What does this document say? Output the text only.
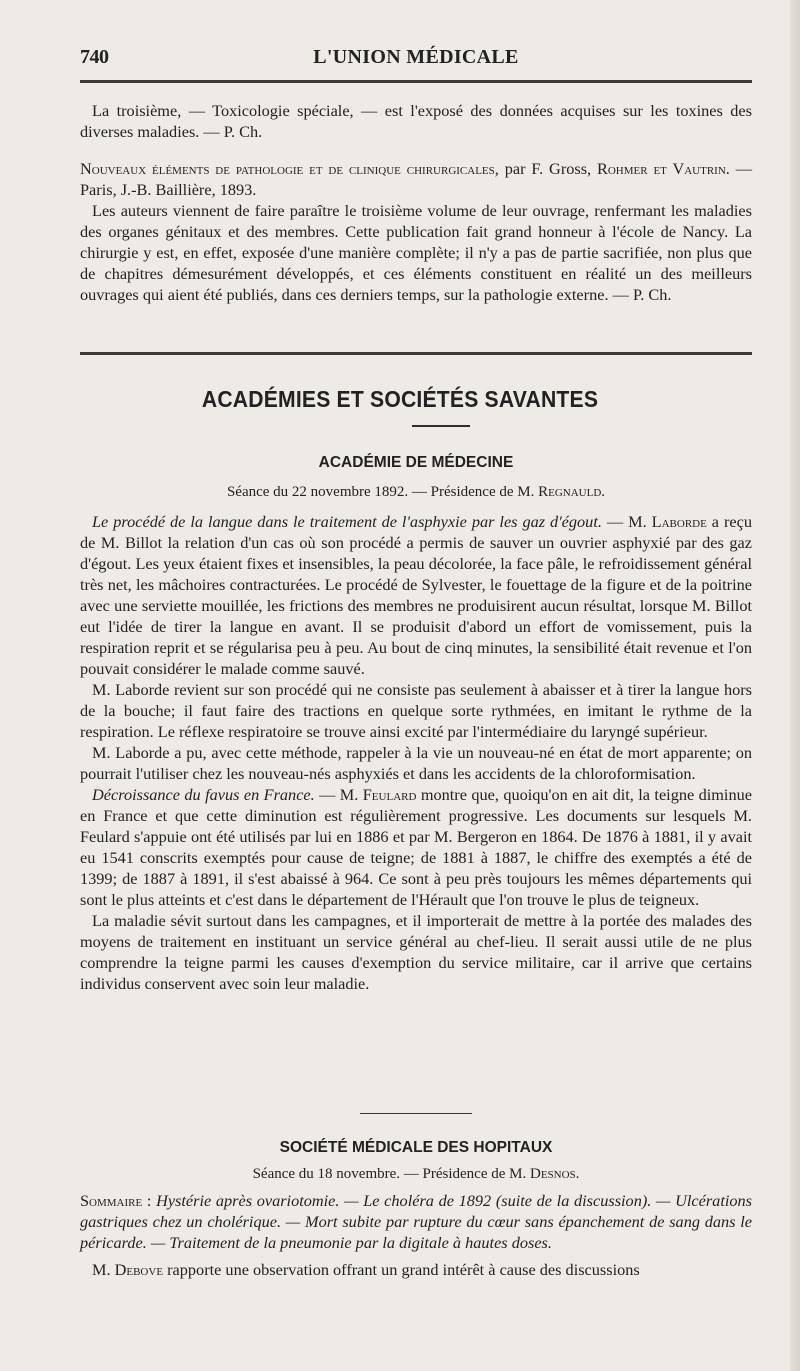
740	L'UNION MÉDICALE

La troisième, — Toxicologie spéciale, — est l'exposé des données acquises sur les toxines des diverses maladies. — P. Ch.

Nouveaux éléments de pathologie et de clinique chirurgicales, par F. Gross, Rohmer et Vautrin. — Paris, J.-B. Baillière, 1893.

Les auteurs viennent de faire paraître le troisième volume de leur ouvrage, renfermant les maladies des organes génitaux et des membres. Cette publication fait grand honneur à l'école de Nancy. La chirurgie y est, en effet, exposée d'une manière complète; il n'y a pas de partie sacrifiée, non plus que de chapitres démesurément développés, et ces éléments constituent en réalité un des meilleurs ouvrages qui aient été publiés, dans ces derniers temps, sur la pathologie externe. — P. Ch.

ACADÉMIES ET SOCIÉTÉS SAVANTES
ACADÉMIE DE MÉDECINE
Séance du 22 novembre 1892. — Présidence de M. Regnauld.

Le procédé de la langue dans le traitement de l'asphyxie par les gaz d'égout. — M. Laborde a reçu de M. Billot la relation d'un cas où son procédé a permis de sauver un ouvrier asphyxié par des gaz d'égout. Les yeux étaient fixes et insensibles, la peau décolorée, la face pâle, le refroidissement général très net, les mâchoires contracturées. Le procédé de Sylvester, le fouettage de la figure et de la poitrine avec une serviette mouillée, les frictions des membres ne produisirent aucun résultat, lorsque M. Billot eut l'idée de tirer la langue en avant. Il se produisit d'abord un effort de vomissement, puis la respiration reprit et se régularisa peu à peu. Au bout de cinq minutes, la sensibilité était revenue et l'on pouvait considérer le malade comme sauvé.

M. Laborde revient sur son procédé qui ne consiste pas seulement à abaisser et à tirer la langue hors de la bouche; il faut faire des tractions en quelque sorte rythmées, en imitant le rythme de la respiration. Le réflexe respiratoire se trouve ainsi excité par l'intermédiaire du laryngé supérieur.

M. Laborde a pu, avec cette méthode, rappeler à la vie un nouveau-né en état de mort apparente; on pourrait l'utiliser chez les nouveau-nés asphyxiés et dans les accidents de la chloroformisation.

Décroissance du favus en France. — M. Feulard montre que, quoiqu'on en ait dit, la teigne diminue en France et que cette diminution est régulièrement progressive. Les documents sur lesquels M. Feulard s'appuie ont été utilisés par lui en 1886 et par M. Bergeron en 1864. De 1876 à 1881, il y avait eu 1541 conscrits exemptés pour cause de teigne; de 1881 à 1887, le chiffre des exemptés a été de 1399; de 1887 à 1891, il s'est abaissé à 964. Ce sont à peu près toujours les mêmes départements qui sont le plus atteints et c'est dans le département de l'Hérault que l'on trouve le plus de teigneux.

La maladie sévit surtout dans les campagnes, et il importerait de mettre à la portée des malades des moyens de traitement en instituant un service général au chef-lieu. Il serait aussi utile de ne plus comprendre la teigne parmi les causes d'exemption du service militaire, car il arrive que certains individus conservent avec soin leur maladie.

SOCIÉTÉ MÉDICALE DES HOPITAUX
Séance du 18 novembre. — Présidence de M. Desnos.

Sommaire : Hystérie après ovariotomie. — Le choléra de 1892 (suite de la discussion). — Ulcérations gastriques chez un cholérique. — Mort subite par rupture du cœur sans épanchement de sang dans le péricarde. — Traitement de la pneumonie par la digitale à hautes doses.

M. Debove rapporte une observation offrant un grand intérêt à cause des discussions
